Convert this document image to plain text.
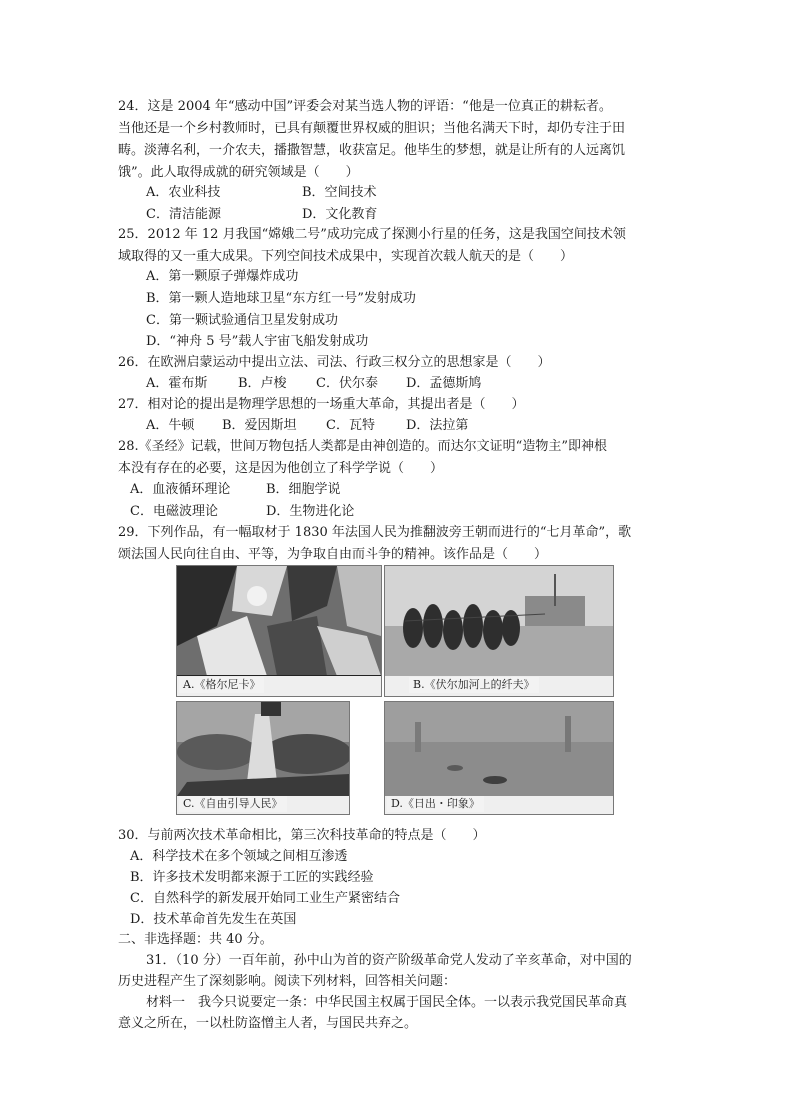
24．这是 2004 年“感动中国”评委会对某当选人物的评语：“他是一位真正的耕耘者。
当他还是一个乡村教师时，已具有颠覆世界权威的胆识；当他名满天下时，却仍专注于田
畴。淡薄名利，一介农夫，播撒智慧，收获富足。他毕生的梦想，就是让所有的人远离饥
饿”。此人取得成就的研究领域是（　　）
A．农业科技	B．空间技术
C．清洁能源	D．文化教育
25．2012 年 12 月我国“嫦娥二号”成功完成了探测小行星的任务，这是我国空间技术领
域取得的又一重大成果。下列空间技术成果中，实现首次载人航天的是（　　）
A．第一颗原子弹爆炸成功
B．第一颗人造地球卫星“东方红一号”发射成功
C．第一颗试验通信卫星发射成功
D．“神舟 5 号”载人宇宙飞船发射成功
26．在欧洲启蒙运动中提出立法、司法、行政三权分立的思想家是（　　）
A．霍布斯 B．卢梭 C．伏尔泰 D．孟德斯鸠
27．相对论的提出是物理学思想的一场重大革命，其提出者是（　　）
A．牛顿 B．爱因斯坦 C．瓦特 D．法拉第
28.《圣经》记载，世间万物包括人类都是由神创造的。而达尔文证明“造物主”即神根
本没有存在的必要，这是因为他创立了科学学说（　　）
A．血液循环理论	B．细胞学说
C．电磁波理论	D．生物进化论
29．下列作品，有一幅取材于 1830 年法国人民为推翻波旁王朝而进行的“七月革命”，歌
颂法国人民向往自由、平等，为争取自由而斗争的精神。该作品是（　　）
A.《格尔尼卡》	B.《伏尔加河上的纤夫》
C.《自由引导人民》	D.《日出・印象》
30．与前两次技术革命相比，第三次科技革命的特点是（　　）
A．科学技术在多个领域之间相互渗透
B．许多技术发明都来源于工匠的实践经验
C．自然科学的新发展开始同工业生产紧密结合
D．技术革命首先发生在英国
二、非选择题：共 40 分。
31．（10 分）一百年前，孙中山为首的资产阶级革命党人发动了辛亥革命，对中国的
历史进程产生了深刻影响。阅读下列材料，回答相关问题：
材料一　我今只说要定一条：中华民国主权属于国民全体。一以表示我党国民革命真
意义之所在，一以杜防盗憎主人者，与国民共弃之。
